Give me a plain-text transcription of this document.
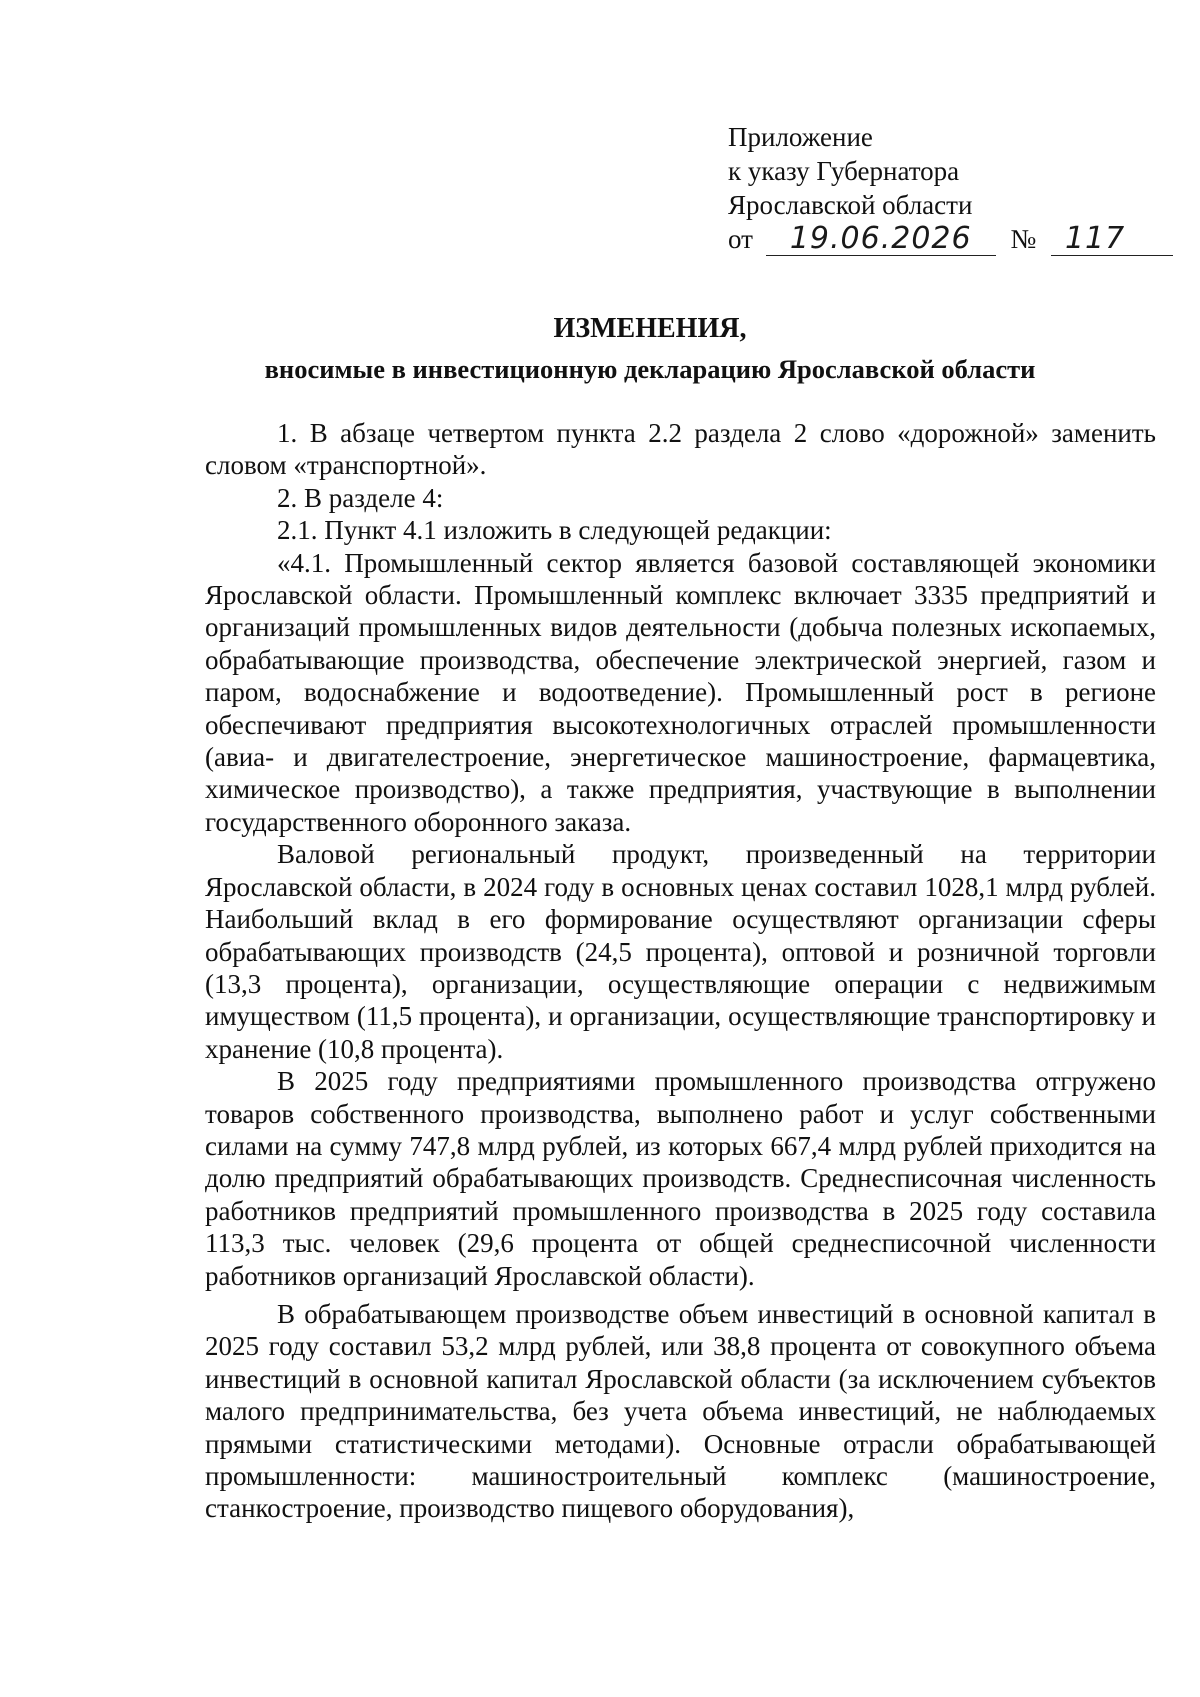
Приложение
к указу Губернатора
Ярославской области
от 19.06.2026 № 117
ИЗМЕНЕНИЯ,
вносимые в инвестиционную декларацию Ярославской области

1. В абзаце четвертом пункта 2.2 раздела 2 слово «дорожной» заменить словом «транспортной».

2. В разделе 4:

2.1. Пункт 4.1 изложить в следующей редакции:

«4.1. Промышленный сектор является базовой составляющей экономики Ярославской области. Промышленный комплекс включает 3335 предприятий и организаций промышленных видов деятельности (добыча полезных ископаемых, обрабатывающие производства, обеспечение электрической энергией, газом и паром, водоснабжение и водоотведение). Промышленный рост в регионе обеспечивают предприятия высокотехнологичных отраслей промышленности (авиа- и двигателестроение, энергетическое машиностроение, фармацевтика, химическое производство), а также предприятия, участвующие в выполнении государственного оборонного заказа.

Валовой региональный продукт, произведенный на территории Ярославской области, в 2024 году в основных ценах составил 1028,1 млрд рублей. Наибольший вклад в его формирование осуществляют организации сферы обрабатывающих производств (24,5 процента), оптовой и розничной торговли (13,3 процента), организации, осуществляющие операции с недвижимым имуществом (11,5 процента), и организации, осуществляющие транспортировку и хранение (10,8 процента).

В 2025 году предприятиями промышленного производства отгружено товаров собственного производства, выполнено работ и услуг собственными силами на сумму 747,8 млрд рублей, из которых 667,4 млрд рублей приходится на долю предприятий обрабатывающих производств. Среднесписочная численность работников предприятий промышленного производства в 2025 году составила 113,3 тыс. человек (29,6 процента от общей среднесписочной численности работников организаций Ярославской области).

В обрабатывающем производстве объем инвестиций в основной капитал в 2025 году составил 53,2 млрд рублей, или 38,8 процента от совокупного объема инвестиций в основной капитал Ярославской области (за исключением субъектов малого предпринимательства, без учета объема инвестиций, не наблюдаемых прямыми статистическими методами). Основные отрасли обрабатывающей промышленности: машиностроительный комплекс (машиностроение, станкостроение, производство пищевого оборудования),
